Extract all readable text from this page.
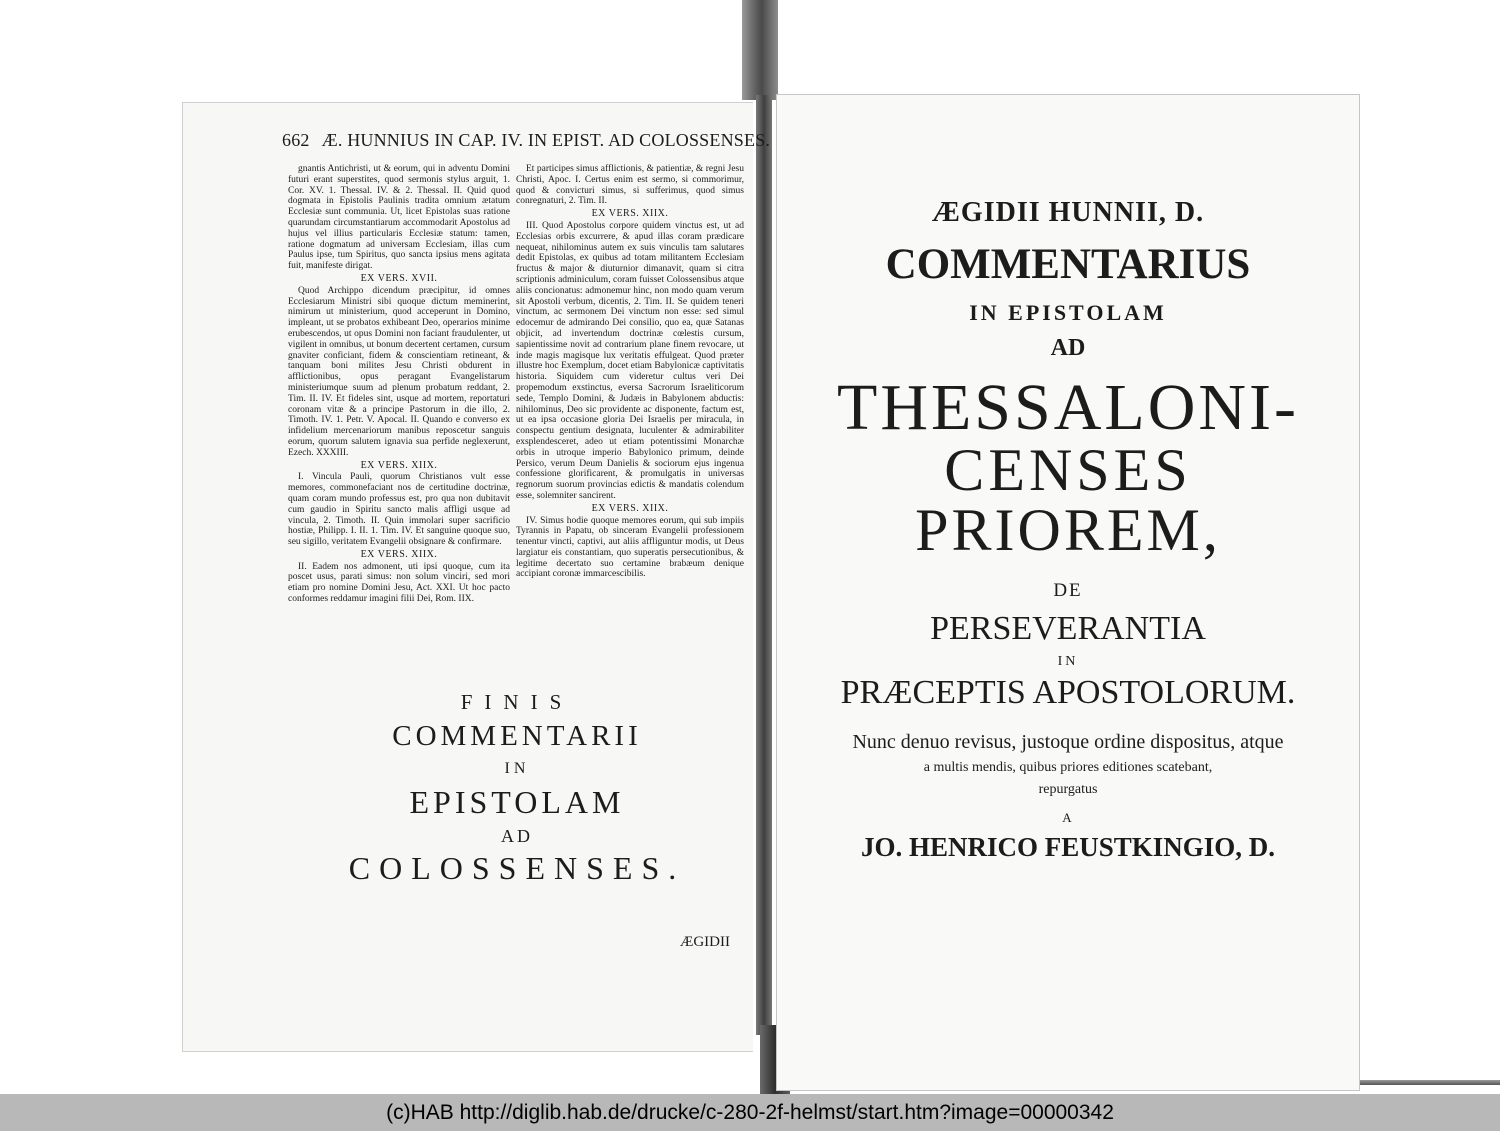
662 Æ. HUNNIUS IN CAP. IV. IN EPIST. AD COLOSSENSES.

gnantis Antichristi, ut & eorum, qui in adventu Domini futuri erant superstites, quod sermonis stylus arguit, 1. Cor. XV. 1. Thessal. IV. & 2. Thessal. II. Quid quod dogmata in Epistolis Paulinis tradita omnium ætatum Ecclesiæ sunt communia. Ut, licet Epistolas suas ratione quarundam circumstantiarum accommodarit Apostolus ad hujus vel illius particularis Ecclesiæ statum: tamen, ratione dogmatum ad universam Ecclesiam, illas cum Paulus ipse, tum Spiritus, quo sancta ipsius mens agitata fuit, manifeste dirigat.

EX VERS. XVII.

Quod Archippo dicendum præcipitur, id omnes Ecclesiarum Ministri sibi quoque dictum meminerint, nimirum ut ministerium, quod acceperunt in Domino, impleant, ut se probatos exhibeant Deo, operarios minime erubescendos, ut opus Domini non faciant fraudulenter, ut vigilent in omnibus, ut bonum decertent certamen, cursum gnaviter conficiant, fidem & conscientiam retineant, & tanquam boni milites Jesu Christi obdurent in afflictionibus, opus peragant Evangelistarum ministeriumque suum ad plenum probatum reddant, 2. Tim. II. IV. Et fideles sint, usque ad mortem, reportaturi coronam vitæ & a principe Pastorum in die illo, 2. Timoth. IV. 1. Petr. V. Apocal. II. Quando e converso ex infidelium mercenariorum manibus reposcetur sanguis eorum, quorum salutem ignavia sua perfide neglexerunt, Ezech. XXXIII.

EX VERS. XIIX.

I. Vincula Pauli, quorum Christianos vult esse memores, commonefaciant nos de certitudine doctrinæ, quam coram mundo professus est, pro qua non dubitavit cum gaudio in Spiritu sancto malis affligi usque ad vincula, 2. Timoth. II. Quin immolari super sacrificio hostiæ, Philipp. I. II. 1. Tim. IV. Et sanguine quoque suo, seu sigillo, veritatem Evangelii obsignare & confirmare.

EX VERS. XIIX.

II. Eadem nos admonent, uti ipsi quoque, cum ita poscet usus, parati simus: non solum vinciri, sed mori etiam pro nomine Domini Jesu, Act. XXI. Ut hoc pacto conformes reddamur imagini filii Dei, Rom. IIX.

Et participes simus afflictionis, & patientiæ, & regni Jesu Christi, Apoc. I. Certus enim est sermo, si commorimur, quod & convicturi simus, si sufferimus, quod simus conregnaturi, 2. Tim. II.

EX VERS. XIIX.

III. Quod Apostolus corpore quidem vinctus est, ut ad Ecclesias orbis excurrere, & apud illas coram prædicare nequeat, nihilominus autem ex suis vinculis tam salutares dedit Epistolas, ex quibus ad totam militantem Ecclesiam fructus & major & diuturnior dimanavit, quam si citra scriptionis adminiculum, coram fuisset Colossensibus atque aliis concionatus: admonemur hinc, non modo quam verum sit Apostoli verbum, dicentis, 2. Tim. II. Se quidem teneri vinctum, ac sermonem Dei vinctum non esse: sed simul edocemur de admirando Dei consilio, quo ea, quæ Satanas objicit, ad invertendum doctrinæ cœlestis cursum, sapientissime novit ad contrarium plane finem revocare, ut inde magis magisque lux veritatis effulgeat. Quod præter illustre hoc Exemplum, docet etiam Babylonicæ captivitatis historia. Siquidem cum videretur cultus veri Dei propemodum exstinctus, eversa Sacrorum Israeliticorum sede, Templo Domini, & Judæis in Babylonem abductis: nihilominus, Deo sic providente ac disponente, factum est, ut ea ipsa occasione gloria Dei Israelis per miracula, in conspectu gentium designata, luculenter & admirabiliter exsplendesceret, adeo ut etiam potentissimi Monarchæ orbis in utroque imperio Babylonico primum, deinde Persico, verum Deum Danielis & sociorum ejus ingenua confessione glorificarent, & promulgatis in universas regnorum suorum provincias edictis & mandatis colendum esse, solemniter sancirent.

EX VERS. XIIX.

IV. Simus hodie quoque memores eorum, qui sub impiis Tyrannis in Papatu, ob sinceram Evangelii professionem tenentur vincti, captivi, aut aliis affliguntur modis, ut Deus largiatur eis constantiam, quo superatis persecutionibus, & legitime decertato suo certamine brabæum denique accipiant coronæ immarcescibilis.

FINIS
COMMENTARII
IN
EPISTOLAM
AD
COLOSSENSES.
ÆGIDII
ÆGIDII HUNNII, D.
COMMENTARIUS
IN EPISTOLAM
AD
THESSALONI-
CENSES
PRIOREM,
DE
PERSEVERANTIA
IN
PRÆCEPTIS APOSTOLORUM.
Nunc denuo revisus, justoque ordine dispositus, atque
a multis mendis, quibus priores editiones scatebant,
repurgatus
A
JO. HENRICO FEUSTKINGIO, D.
(c)HAB http://diglib.hab.de/drucke/c-280-2f-helmst/start.htm?image=00000342
